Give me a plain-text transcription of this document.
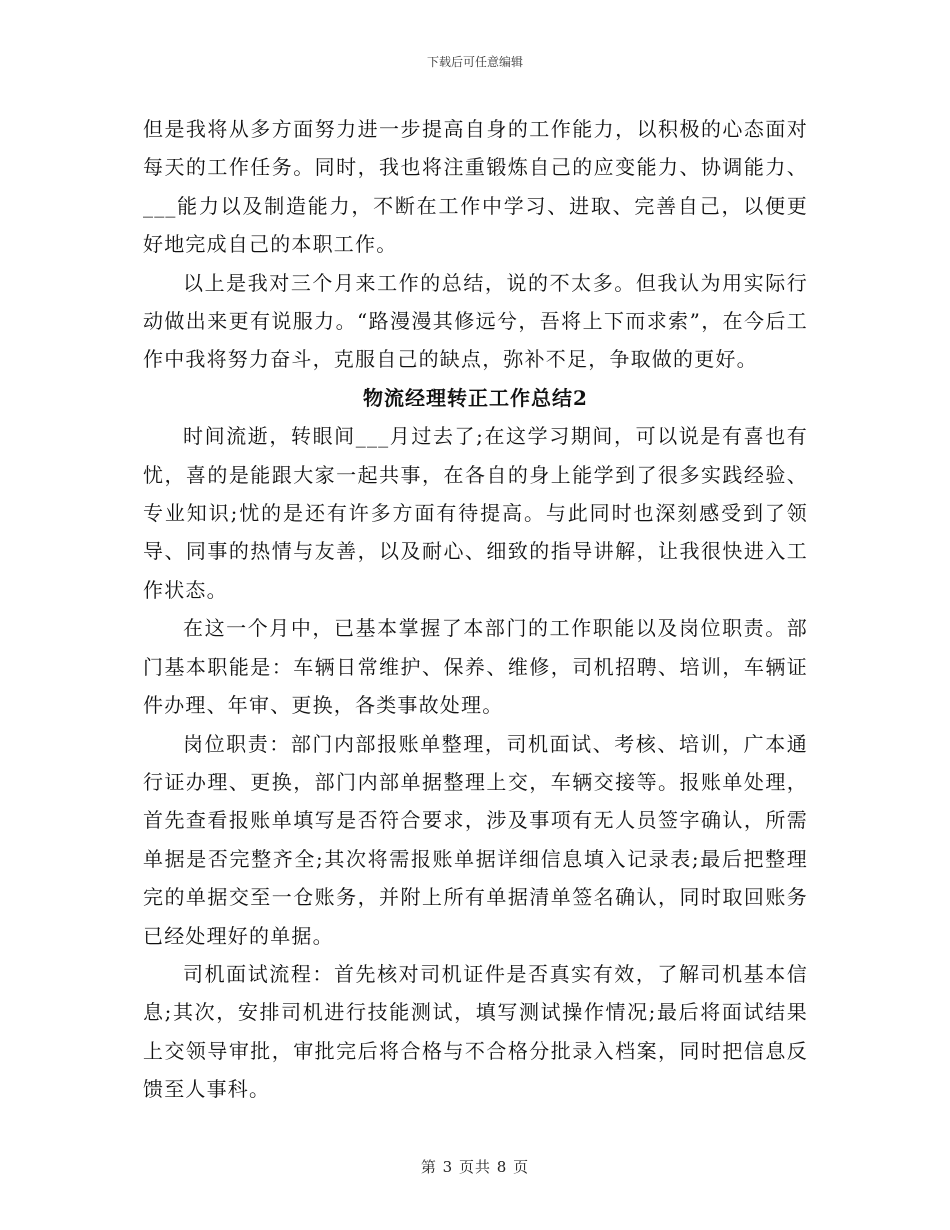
下载后可任意编辑

但是我将从多方面努力进一步提高自身的工作能力，以积极的心态面对每天的工作任务。同时，我也将注重锻炼自己的应变能力、协调能力、___能力以及制造能力，不断在工作中学习、进取、完善自己，以便更好地完成自己的本职工作。

以上是我对三个月来工作的总结，说的不太多。但我认为用实际行动做出来更有说服力。“路漫漫其修远兮，吾将上下而求索”，在今后工作中我将努力奋斗，克服自己的缺点，弥补不足，争取做的更好。

物流经理转正工作总结2

时间流逝，转眼间___月过去了;在这学习期间，可以说是有喜也有忧，喜的是能跟大家一起共事，在各自的身上能学到了很多实践经验、专业知识;忧的是还有许多方面有待提高。与此同时也深刻感受到了领导、同事的热情与友善，以及耐心、细致的指导讲解，让我很快进入工作状态。

在这一个月中，已基本掌握了本部门的工作职能以及岗位职责。部门基本职能是：车辆日常维护、保养、维修，司机招聘、培训，车辆证件办理、年审、更换，各类事故处理。

岗位职责：部门内部报账单整理，司机面试、考核、培训，广本通行证办理、更换，部门内部单据整理上交，车辆交接等。报账单处理，首先查看报账单填写是否符合要求，涉及事项有无人员签字确认，所需单据是否完整齐全;其次将需报账单据详细信息填入记录表;最后把整理完的单据交至一仓账务，并附上所有单据清单签名确认，同时取回账务已经处理好的单据。

司机面试流程：首先核对司机证件是否真实有效，了解司机基本信息;其次，安排司机进行技能测试，填写测试操作情况;最后将面试结果上交领导审批，审批完后将合格与不合格分批录入档案，同时把信息反馈至人事科。

第 3 页共 8 页
